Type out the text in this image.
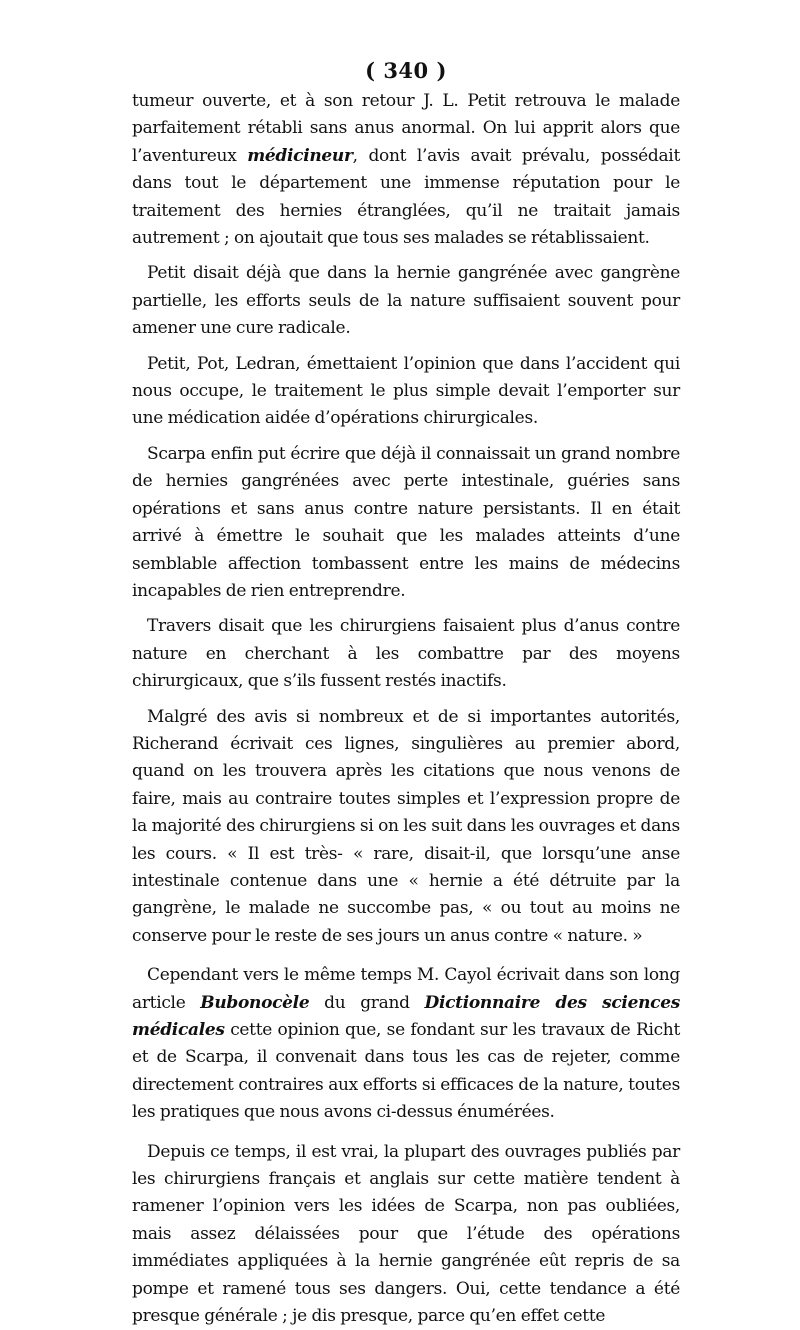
( 340 )

tumeur ouverte, et à son retour J. L. Petit retrouva le malade parfaitement rétabli sans anus anormal. On lui apprit alors que l’aventureux médicineur, dont l’avis avait prévalu, possédait dans tout le département une immense réputation pour le traitement des hernies étranglées, qu’il ne traitait jamais autrement ; on ajoutait que tous ses malades se rétablissaient.

Petit disait déjà que dans la hernie gangrénée avec gangrène partielle, les efforts seuls de la nature suffisaient souvent pour amener une cure radicale.

Petit, Pot, Ledran, émettaient l’opinion que dans l’accident qui nous occupe, le traitement le plus simple devait l’emporter sur une médication aidée d’opérations chirurgicales.

Scarpa enfin put écrire que déjà il connaissait un grand nombre de hernies gangrénées avec perte intestinale, guéries sans opérations et sans anus contre nature persistants. Il en était arrivé à émettre le souhait que les malades atteints d’une semblable affection tombassent entre les mains de médecins incapables de rien entreprendre.

Travers disait que les chirurgiens faisaient plus d’anus contre nature en cherchant à les combattre par des moyens chirurgicaux, que s’ils fussent restés inactifs.

Malgré des avis si nombreux et de si importantes autorités, Richerand écrivait ces lignes, singulières au premier abord, quand on les trouvera après les citations que nous venons de faire, mais au contraire toutes simples et l’expression propre de la majorité des chirurgiens si on les suit dans les ouvrages et dans les cours. « Il est très- « rare, disait-il, que lorsqu’une anse intestinale contenue dans une « hernie a été détruite par la gangrène, le malade ne succombe pas, « ou tout au moins ne conserve pour le reste de ses jours un anus contre « nature. »

Cependant vers le même temps M. Cayol écrivait dans son long article Bubonocèle du grand Dictionnaire des sciences médicales cette opinion que, se fondant sur les travaux de Richt et de Scarpa, il convenait dans tous les cas de rejeter, comme directement contraires aux efforts si efficaces de la nature, toutes les pratiques que nous avons ci-dessus énumérées.

Depuis ce temps, il est vrai, la plupart des ouvrages publiés par les chirurgiens français et anglais sur cette matière tendent à ramener l’opinion vers les idées de Scarpa, non pas oubliées, mais assez délaissées pour que l’étude des opérations immédiates appliquées à la hernie gangrénée eût repris de sa pompe et ramené tous ses dangers. Oui, cette tendance a été presque générale ; je dis presque, parce qu’en effet cette
